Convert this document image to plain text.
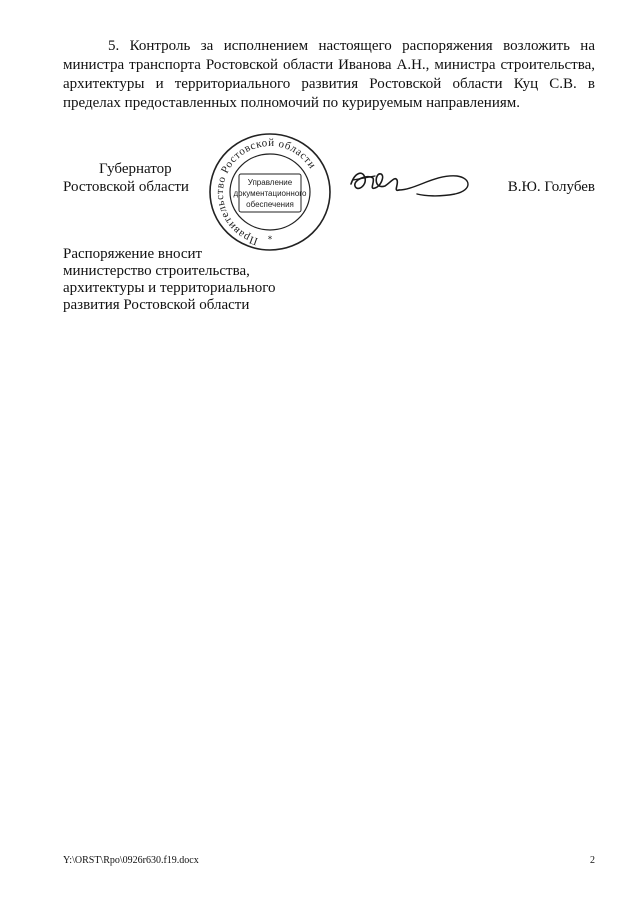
5. Контроль за исполнением настоящего распоряжения возложить на министра транспорта Ростовской области Иванова А.Н., министра строительства, архитектуры и территориального развития Ростовской области Куц С.В. в пределах предоставленных полномочий по курируемым направлениям.

Губернатор
Ростовской области	В.Ю. Голубев
Правительство Ростовской области
Управление
документационного
обеспечения
*
Распоряжение вносит
министерство строительства,
архитектуры и территориального
развития Ростовской области
Y:\ORST\Rpo\0926r630.f19.docx	2
